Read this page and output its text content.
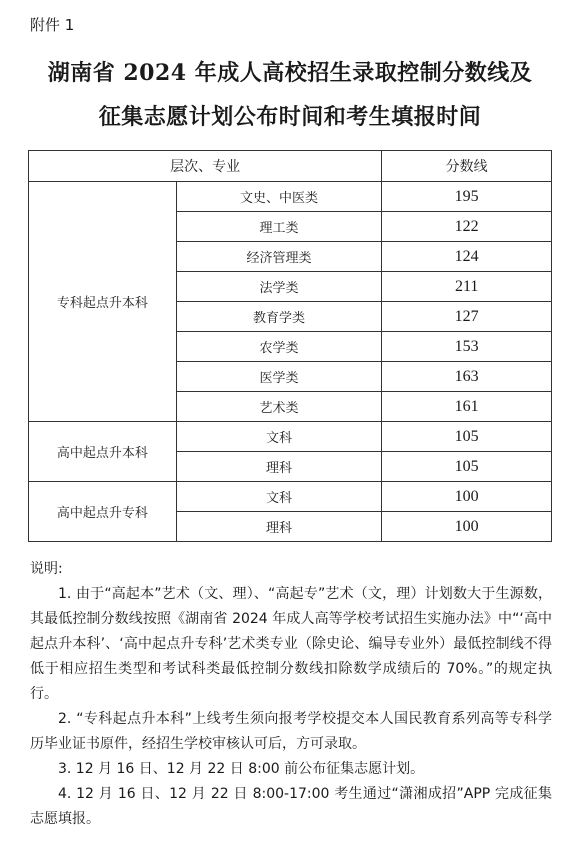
附件 1
湖南省 2024 年成人高校招生录取控制分数线及
征集志愿计划公布时间和考生填报时间
层次、专业		分数线
专科起点升本科	文史、中医类	195
	理工类	122
	经济管理类	124
	法学类	211
	教育学类	127
	农学类	153
	医学类	163
	艺术类	161
高中起点升本科	文科	105
	理科	105
高中起点升专科	文科	100
	理科	100

说明:

1. 由于“高起本”艺术（文、理）、“高起专”艺术（文，理）计划数大于生源数，其最低控制分数线按照《湖南省 2024 年成人高等学校考试招生实施办法》中“‘高中起点升本科’、‘高中起点升专科’艺术类专业（除史论、编导专业外）最低控制线不得低于相应招生类型和考试科类最低控制分数线扣除数学成绩后的 70%。”的规定执行。

2. “专科起点升本科”上线考生须向报考学校提交本人国民教育系列高等专科学历毕业证书原件，经招生学校审核认可后，方可录取。

3. 12 月 16 日、12 月 22 日 8:00 前公布征集志愿计划。

4. 12 月 16 日、12 月 22 日 8:00-17:00 考生通过“潇湘成招”APP 完成征集志愿填报。
